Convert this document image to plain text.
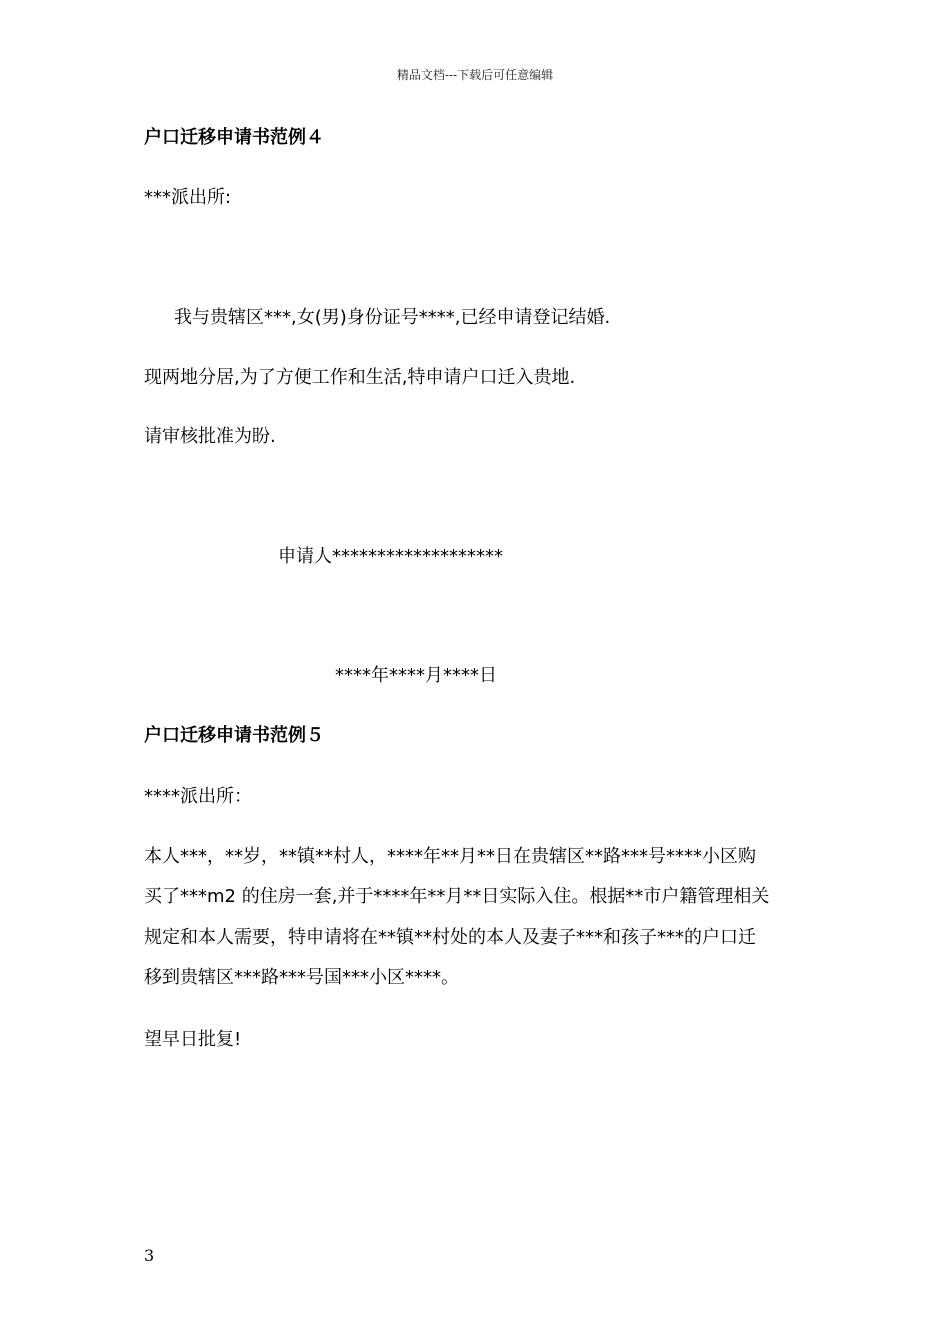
精品文档---下载后可任意编辑
户口迁移申请书范例４
***派出所:
我与贵辖区***,女(男)身份证号****,已经申请登记结婚.
现两地分居,为了方便工作和生活,特申请户口迁入贵地.
请审核批准为盼.
申请人*******************
****年****月****日
户口迁移申请书范例５
****派出所：
本人***，**岁，**镇**村人，****年**月**日在贵辖区**路***号****小区购
买了***m2 的住房一套,并于****年**月**日实际入住。根据**市户籍管理相关
规定和本人需要，特申请将在**镇**村处的本人及妻子***和孩子***的户口迁
移到贵辖区***路***号国***小区****。
望早日批复!
3
